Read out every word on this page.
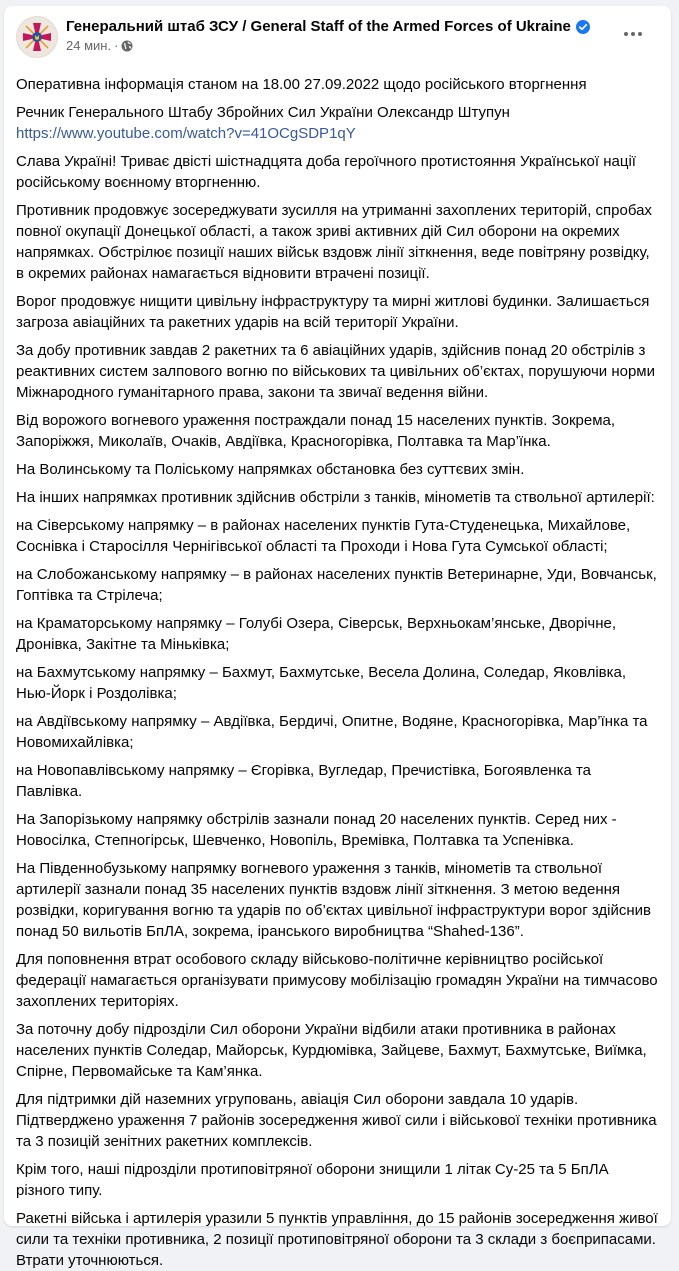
Генеральний штаб ЗСУ / General Staff of the Armed Forces of Ukraine
24 мин. ·

Оперативна інформація станом на 18.00 27.09.2022 щодо російського вторгнення

Речник Генерального Штабу Збройних Сил України Олександр Штупун
https://www.youtube.com/watch?v=41OCgSDP1qY

Слава Україні! Триває двісті шістнадцята доба героїчного протистояння Української нації російському воєнному вторгненню.

Противник продовжує зосереджувати зусилля на утриманні захоплених територій, спробах повної окупації Донецької області, а також зриві активних дій Сил оборони на окремих напрямках. Обстрілює позиції наших військ вздовж лінії зіткнення, веде повітряну розвідку, в окремих районах намагається відновити втрачені позиції.

Ворог продовжує нищити цивільну інфраструктуру та мирні житлові будинки. Залишається загроза авіаційних та ракетних ударів на всій території України.

За добу противник завдав 2 ракетних та 6 авіаційних ударів, здійснив понад 20 обстрілів з реактивних систем залпового вогню по військових та цивільних об’єктах, порушуючи норми Міжнародного гуманітарного права, закони та звичаї ведення війни.

Від ворожого вогневого ураження постраждали понад 15 населених пунктів. Зокрема, Запоріжжя, Миколаїв, Очаків, Авдіївка, Красногорівка, Полтавка та Мар’їнка.

На Волинському та Поліському напрямках обстановка без суттєвих змін.

На інших напрямках противник здійснив обстріли з танків, мінометів та ствольної артилерії:

на Сіверському напрямку – в районах населених пунктів Гута-Студенецька, Михайлове, Соснівка і Старосілля Чернігівської області та Проходи і Нова Гута Сумської області;

на Слобожанському напрямку – в районах населених пунктів Ветеринарне, Уди, Вовчанськ, Гоптівка та Стрілеча;

на Краматорському напрямку – Голубі Озера, Сіверськ, Верхньокам’янське, Дворічне, Дронівка, Закітне та Міньківка;

на Бахмутському напрямку – Бахмут, Бахмутське, Весела Долина, Соледар, Яковлівка, Нью-Йорк і Роздолівка;

на Авдіївському напрямку – Авдіївка, Бердичі, Опитне, Водяне, Красногорівка, Мар’їнка та Новомихайлівка;

на Новопавлівському напрямку – Єгорівка, Вугледар, Пречистівка, Богоявленка та Павлівка.

На Запорізькому напрямку обстрілів зазнали понад 20 населених пунктів. Серед них - Новосілка, Степногірськ, Шевченко, Новопіль, Времівка, Полтавка та Успенівка.

На Південнобузькому напрямку вогневого ураження з танків, мінометів та ствольної артилерії зазнали понад 35 населених пунктів вздовж лінії зіткнення. З метою ведення розвідки, коригування вогню та ударів по об’єктах цивільної інфраструктури ворог здійснив понад 50 вильотів БпЛА, зокрема, іранського виробництва “Shahed-136”.

Для поповнення втрат особового складу військово-політичне керівництво російської федерації намагається організувати примусову мобілізацію громадян України на тимчасово захоплених територіях.

За поточну добу підрозділи Сил оборони України відбили атаки противника в районах населених пунктів Соледар, Майорськ, Курдюмівка, Зайцеве, Бахмут, Бахмутське, Виїмка, Спірне, Первомайське та Кам’янка.

Для підтримки дій наземних угруповань, авіація Сил оборони завдала 10 ударів. Підтверджено ураження 7 районів зосередження живої сили і військової техніки противника та 3 позицій зенітних ракетних комплексів.

Крім того, наші підрозділи протиповітряної оборони знищили 1 літак Су-25 та 5 БпЛА різного типу.

Ракетні війська і артилерія уразили 5 пунктів управління, до 15 районів зосередження живої сили та техніки противника, 2 позиції протиповітряної оборони та 3 склади з боєприпасами. Втрати уточнюються.
